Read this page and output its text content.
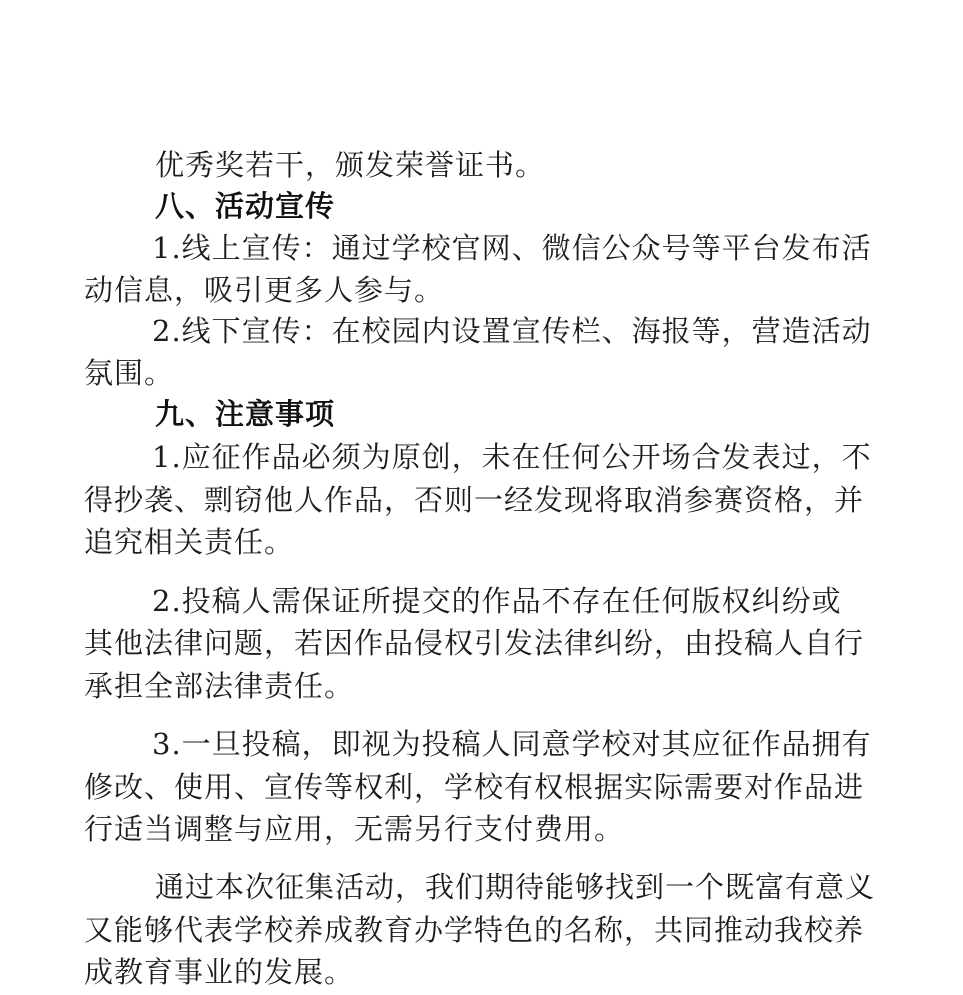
优秀奖若干，颁发荣誉证书。
八、活动宣传
1.线上宣传：通过学校官网、微信公众号等平台发布活
动信息，吸引更多人参与。
2.线下宣传：在校园内设置宣传栏、海报等，营造活动
氛围。
九、注意事项
1.应征作品必须为原创，未在任何公开场合发表过，不
得抄袭、剽窃他人作品，否则一经发现将取消参赛资格，并
追究相关责任。
2.投稿人需保证所提交的作品不存在任何版权纠纷或
其他法律问题，若因作品侵权引发法律纠纷，由投稿人自行
承担全部法律责任。
3.一旦投稿，即视为投稿人同意学校对其应征作品拥有
修改、使用、宣传等权利，学校有权根据实际需要对作品进
行适当调整与应用，无需另行支付费用。
通过本次征集活动，我们期待能够找到一个既富有意义
又能够代表学校养成教育办学特色的名称，共同推动我校养
成教育事业的发展。
